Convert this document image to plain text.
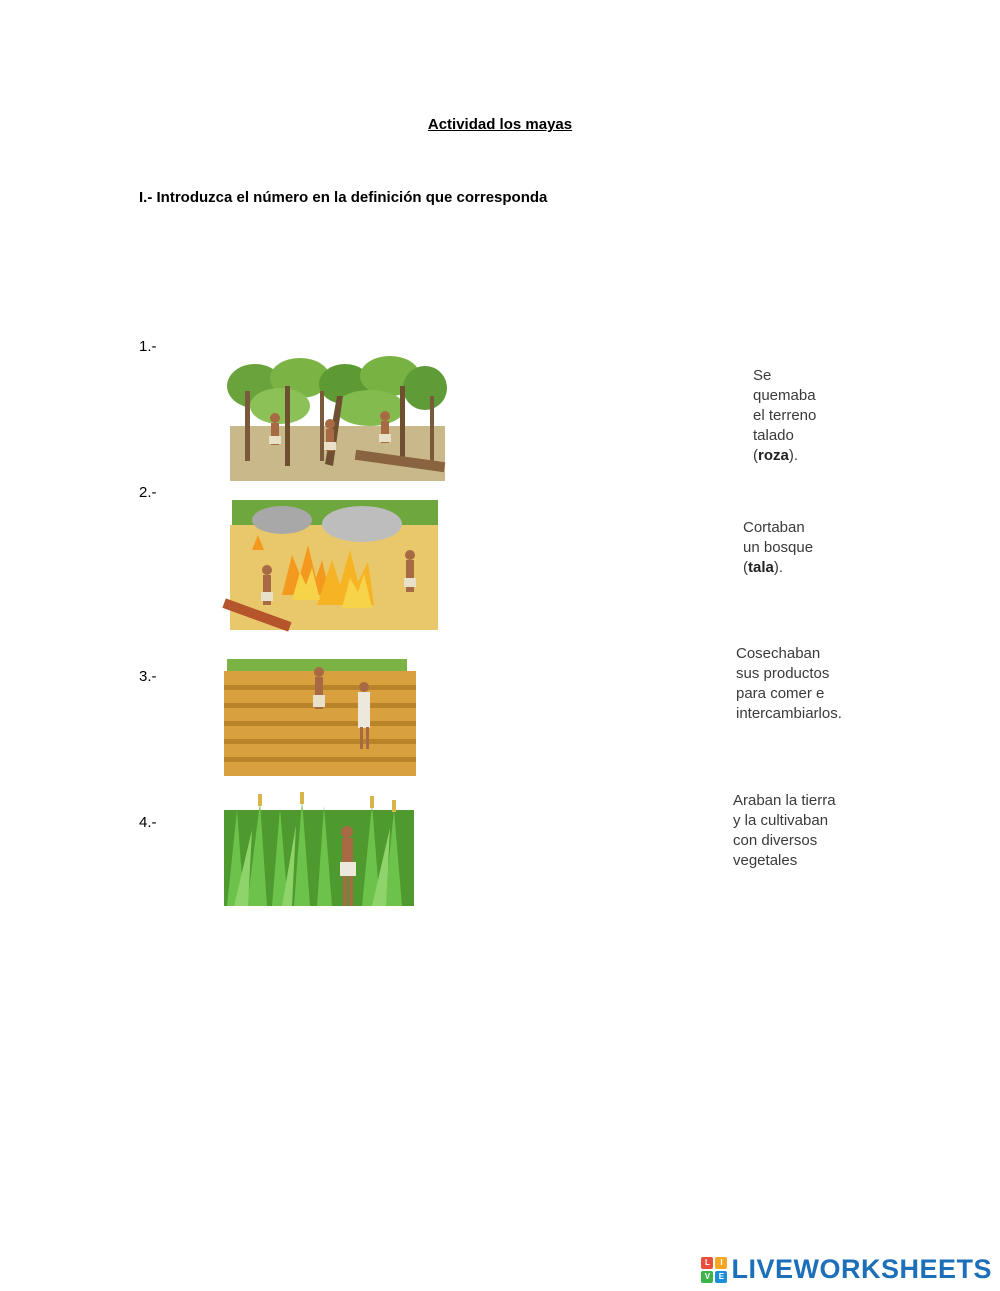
Actividad los mayas
I.- Introduzca el número en la definición que corresponda
1.-
2.-
3.-
4.-
Se
quemaba
el terreno
talado
(roza).
Cortaban
un bosque
(tala).
Cosechaban
sus productos
para comer e
intercambiarlos.
Araban la tierra
y la cultivaban
con diversos
vegetales
L	I
V	E LIVEWORKSHEETS
